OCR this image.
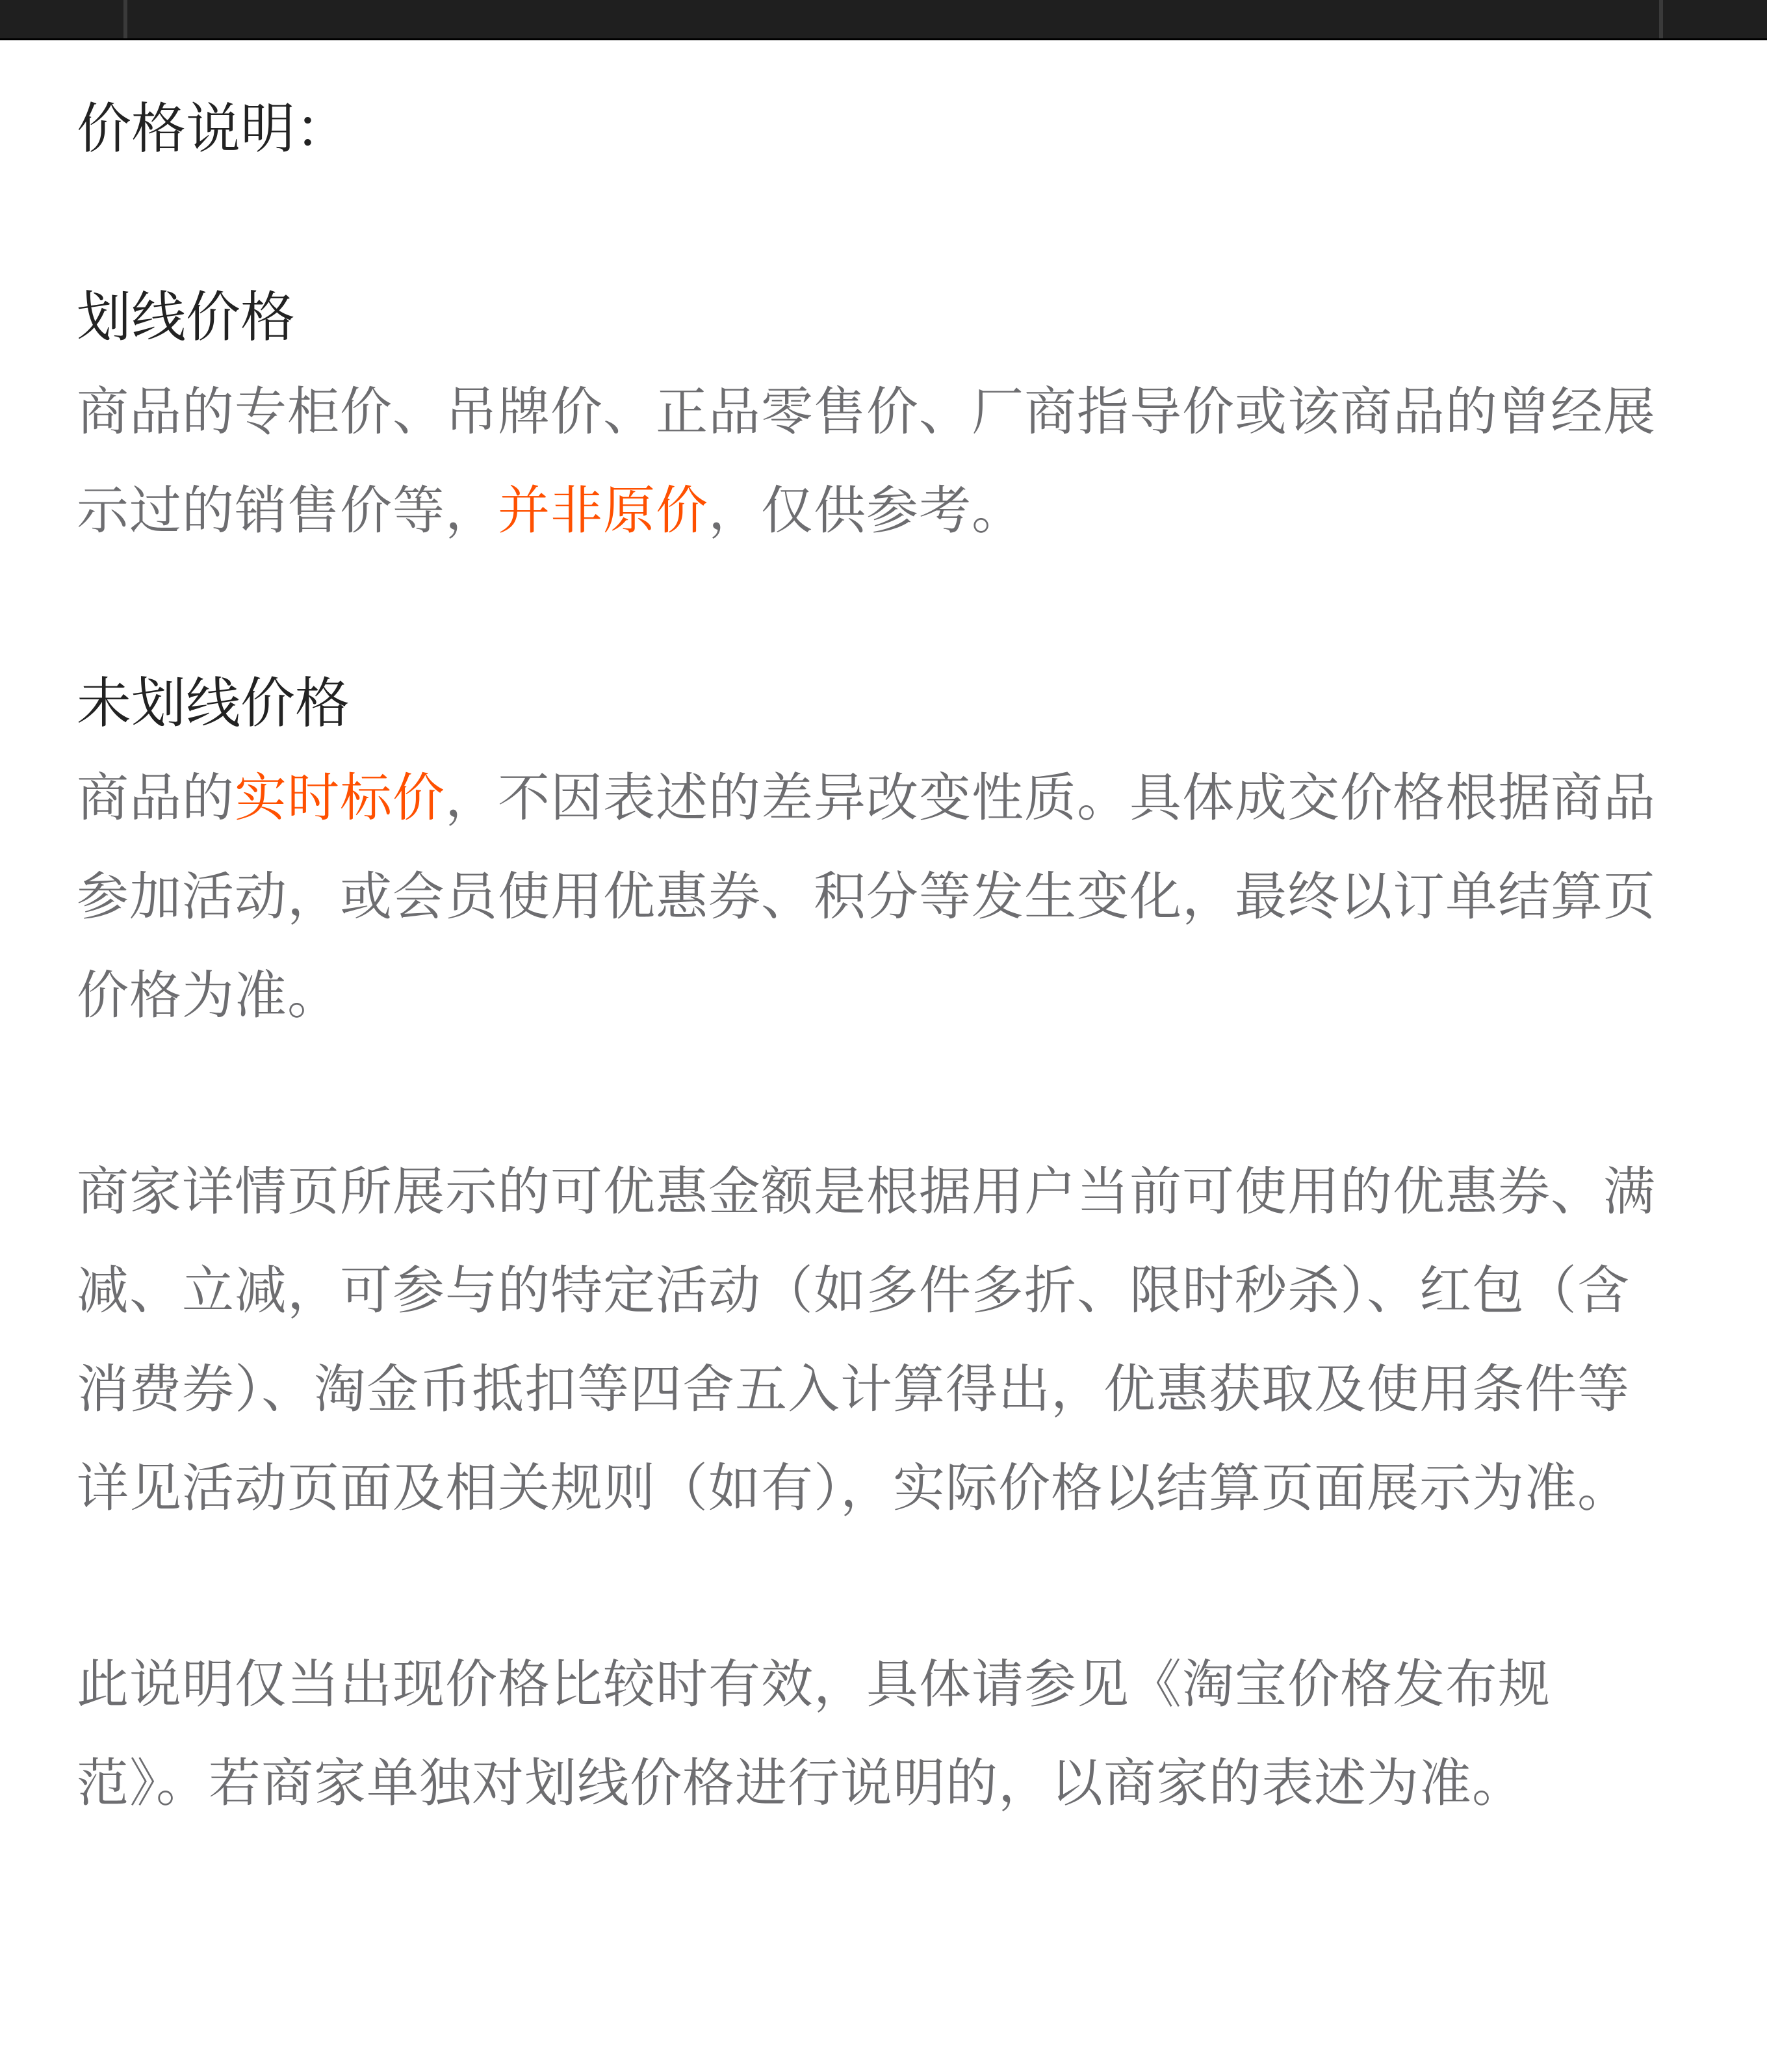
价格说明：
划线价格

商品的专柜价、吊牌价、正品零售价、厂商指导价或该商品的曾经展示过的销售价等，并非原价，仅供参考。

未划线价格

商品的实时标价，不因表述的差异改变性质。具体成交价格根据商品参加活动，或会员使用优惠券、积分等发生变化，最终以订单结算页价格为准。

商家详情页所展示的可优惠金额是根据用户当前可使用的优惠券、满减、立减，可参与的特定活动（如多件多折、限时秒杀）、红包（含消费券）、淘金币抵扣等四舍五入计算得出，优惠获取及使用条件等详见活动页面及相关规则（如有），实际价格以结算页面展示为准。

此说明仅当出现价格比较时有效，具体请参见《淘宝价格发布规范》。若商家单独对划线价格进行说明的，以商家的表述为准。
